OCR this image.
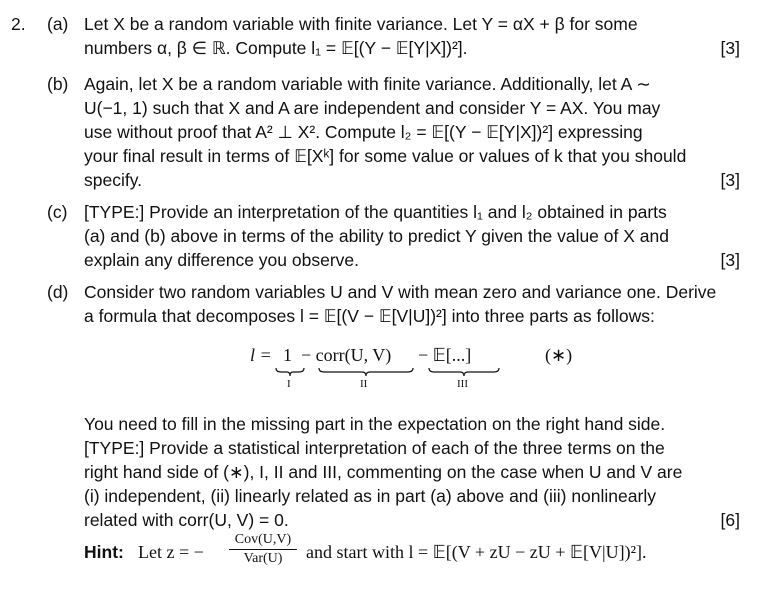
2. (a) Let X be a random variable with finite variance. Let Y = αX + β for some
numbers α, β ∈ ℝ. Compute l₁ = 𝔼[(Y − 𝔼[Y|X])²].	[3]
(b) Again, let X be a random variable with finite variance. Additionally, let A ∼
U(−1, 1) such that X and A are independent and consider Y = AX. You may
use without proof that A² ⊥ X². Compute l₂ = 𝔼[(Y − 𝔼[Y|X])²] expressing
your final result in terms of 𝔼[Xᵏ] for some value or values of k that you should
specify.	[3]
(c) [TYPE:] Provide an interpretation of the quantities l₁ and l₂ obtained in parts
(a) and (b) above in terms of the ability to predict Y given the value of X and
explain any difference you observe.	[3]
(d) Consider two random variables U and V with mean zero and variance one. Derive
a formula that decomposes l = 𝔼[(V − 𝔼[V|U])²] into three parts as follows:
l = 1 − corr(U, V) − 𝔼[...]	(∗)
I	II	III
You need to fill in the missing part in the expectation on the right hand side.
[TYPE:] Provide a statistical interpretation of each of the three terms on the
right hand side of (∗), I, II and III, commenting on the case when U and V are
(i) independent, (ii) linearly related as in part (a) above and (iii) nonlinearly
related with corr(U, V) = 0.	[6]
Hint: Let z = −
Cov(U,V)
Var(U)	and start with l = 𝔼[(V + zU − zU + 𝔼[V|U])²].
